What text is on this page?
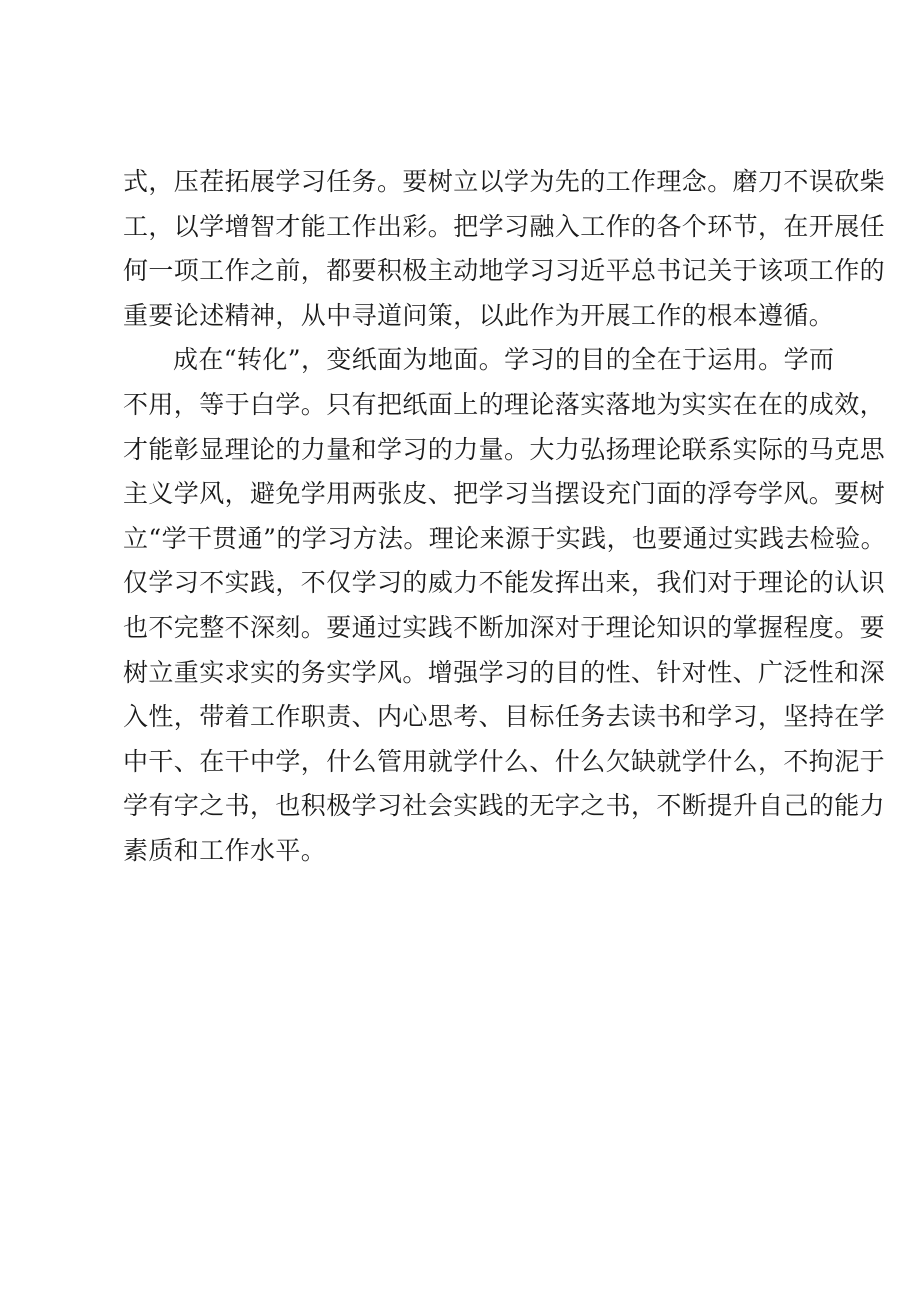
式，压茬拓展学习任务。要树立以学为先的工作理念。磨刀不误砍柴
工，以学增智才能工作出彩。把学习融入工作的各个环节，在开展任
何一项工作之前，都要积极主动地学习习近平总书记关于该项工作的
重要论述精神，从中寻道问策，以此作为开展工作的根本遵循。
成在“转化”，变纸面为地面。学习的目的全在于运用。学而
不用，等于白学。只有把纸面上的理论落实落地为实实在在的成效，
才能彰显理论的力量和学习的力量。大力弘扬理论联系实际的马克思
主义学风，避免学用两张皮、把学习当摆设充门面的浮夸学风。要树
立“学干贯通”的学习方法。理论来源于实践，也要通过实践去检验。
仅学习不实践，不仅学习的威力不能发挥出来，我们对于理论的认识
也不完整不深刻。要通过实践不断加深对于理论知识的掌握程度。要
树立重实求实的务实学风。增强学习的目的性、针对性、广泛性和深
入性，带着工作职责、内心思考、目标任务去读书和学习，坚持在学
中干、在干中学，什么管用就学什么、什么欠缺就学什么，不拘泥于
学有字之书，也积极学习社会实践的无字之书，不断提升自己的能力
素质和工作水平。
